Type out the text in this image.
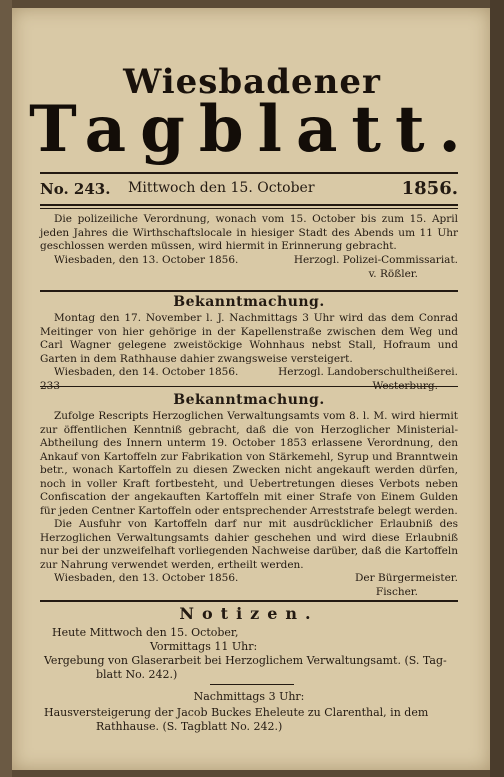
Wiesbadener
Tagblatt.
No. 243. Mittwoch den 15. October	1856.
Die polizeiliche Verordnung, wonach vom 15. October bis zum 15. April jeden Jahres die Wirthschaftslocale in hiesiger Stadt des Abends um 11 Uhr geschlossen werden müssen, wird hiermit in Erinnerung gebracht.
Wiesbaden, den 13. October 1856.	Herzogl. Polizei-Commissariat.
v. Rößler.
Bekanntmachung.
Montag den 17. November l. J. Nachmittags 3 Uhr wird das dem Conrad Meitinger von hier gehörige in der Kapellenstraße zwischen dem Weg und Carl Wagner gelegene zweistöckige Wohnhaus nebst Stall, Hofraum und Garten in dem Rathhause dahier zwangsweise versteigert.
Wiesbaden, den 14. October 1856.	Herzogl. Landoberschultheißerei.
233	Westerburg.
Bekanntmachung.
Zufolge Rescripts Herzoglichen Verwaltungsamts vom 8. l. M. wird hiermit zur öffentlichen Kenntniß gebracht, daß die von Herzoglicher Ministerial-Abtheilung des Innern unterm 19. October 1853 erlassene Verordnung, den Ankauf von Kartoffeln zur Fabrikation von Stärkemehl, Syrup und Branntwein betr., wonach Kartoffeln zu diesen Zwecken nicht angekauft werden dürfen, noch in voller Kraft fortbesteht, und Uebertretungen dieses Verbots neben Confiscation der angekauften Kartoffeln mit einer Strafe von Einem Gulden für jeden Centner Kartoffeln oder entsprechender Arreststrafe belegt werden.
Die Ausfuhr von Kartoffeln darf nur mit ausdrücklicher Erlaubniß des Herzoglichen Verwaltungsamts dahier geschehen und wird diese Erlaubniß nur bei der unzweifelhaft vorliegenden Nachweise darüber, daß die Kartoffeln zur Nahrung verwendet werden, ertheilt werden.
Wiesbaden, den 13. October 1856.	Der Bürgermeister.
Fischer.
Notizen.
Heute Mittwoch den 15. October,
Vormittags 11 Uhr:
Vergebung von Glaserarbeit bei Herzoglichem Verwaltungsamt. (S. Tag-
blatt No. 242.)
Nachmittags 3 Uhr:
Hausversteigerung der Jacob Buckes Eheleute zu Clarenthal, in dem
Rathhause. (S. Tagblatt No. 242.)
